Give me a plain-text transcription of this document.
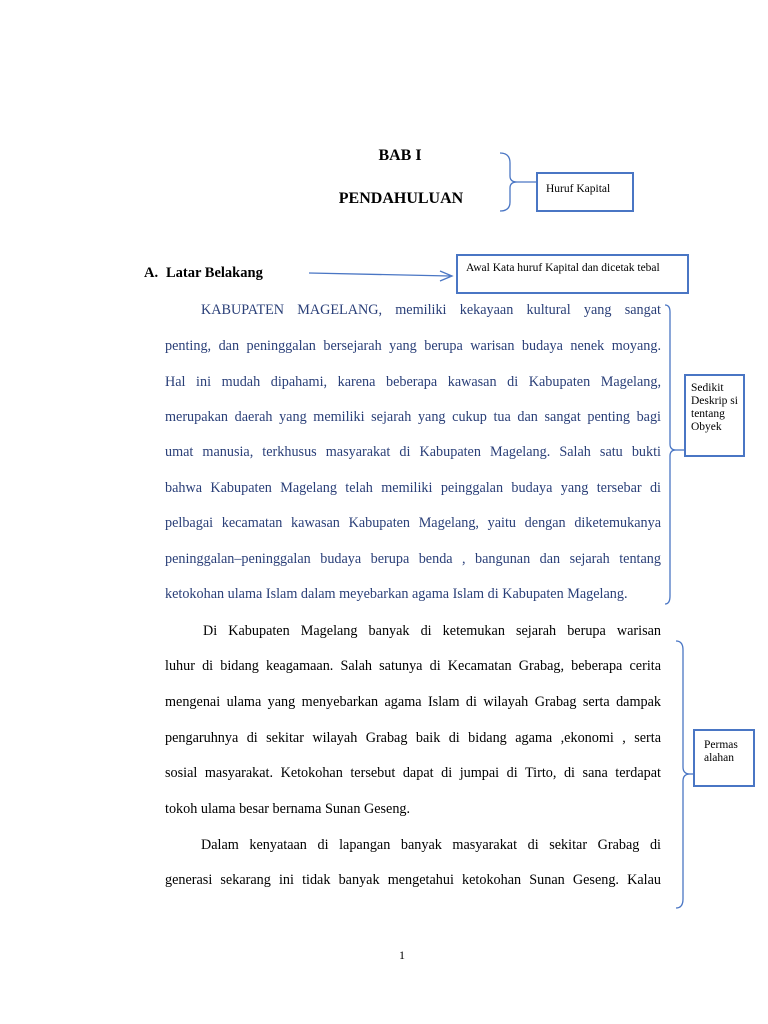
BAB I
PENDAHULUAN
A. Latar Belakang
KABUPATEN MAGELANG, memiliki kekayaan kultural yang sangat
penting, dan peninggalan bersejarah yang berupa warisan budaya nenek moyang.
Hal ini mudah dipahami, karena beberapa kawasan di Kabupaten Magelang,
merupakan daerah yang memiliki sejarah yang cukup tua dan sangat penting bagi
umat manusia, terkhusus masyarakat di Kabupaten Magelang. Salah satu bukti
bahwa Kabupaten Magelang telah memiliki peinggalan budaya yang tersebar di
pelbagai kecamatan kawasan Kabupaten Magelang, yaitu dengan diketemukanya
peninggalan–peninggalan budaya berupa benda , bangunan dan sejarah tentang
ketokohan ulama Islam dalam meyebarkan agama Islam di Kabupaten Magelang.
Di Kabupaten Magelang banyak di ketemukan sejarah berupa warisan
luhur di bidang keagamaan. Salah satunya di Kecamatan Grabag, beberapa cerita
mengenai ulama yang menyebarkan agama Islam di wilayah Grabag serta dampak
pengaruhnya di sekitar wilayah Grabag baik di bidang agama ,ekonomi , serta
sosial masyarakat. Ketokohan tersebut dapat di jumpai di Tirto, di sana terdapat
tokoh ulama besar bernama Sunan Geseng.
Dalam kenyataan di lapangan banyak masyarakat di sekitar Grabag di
generasi sekarang ini tidak banyak mengetahui ketokohan Sunan Geseng. Kalau
Huruf Kapital
Awal Kata huruf Kapital dan dicetak tebal
Sedikit Deskrip si tentang Obyek
Permas alahan
1
